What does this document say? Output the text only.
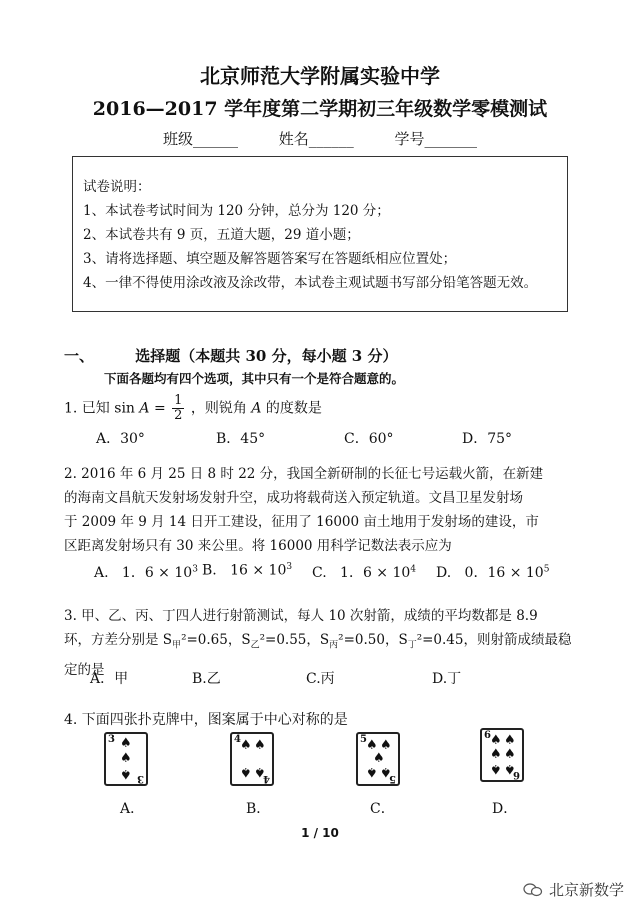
北京师范大学附属实验中学
2016—2017 学年度第二学期初三年级数学零模测试
班级______	姓名______	学号_______
试卷说明：
1、本试卷考试时间为 120 分钟，总分为 120 分；
2、本试卷共有 9 页，五道大题，29 道小题；
3、请将选择题、填空题及解答题答案写在答题纸相应位置处；
4、一律不得使用涂改液及涂改带，本试卷主观试题书写部分铅笔答题无效。
一、	选择题（本题共 30 分，每小题 3 分）
下面各题均有四个选项，其中只有一个是符合题意的。
1. 已知 $\sin A = \frac{1}{2}$ ，则锐角 A 的度数是
A．30°	B．45°	C．60°	D．75°
2. 2016 年 6 月 25 日 8 时 22 分，我国全新研制的长征七号运载火箭，在新建
的海南文昌航天发射场发射升空，成功将载荷送入预定轨道。文昌卫星发射场
于 2009 年 9 月 14 日开工建设，征用了 16000 亩土地用于发射场的建设，市
区距离发射场只有 30 来公里。将 16000 用科学记数法表示应为
A. 1．$6 \times 10^3$ B. $16 \times 10^3$ C. 1．$6 \times 10^4$ D. 0．$16 \times 10^5$
3. 甲、乙、丙、丁四人进行射箭测试，每人 10 次射箭，成绩的平均数都是 8.9
环，方差分别是 $S_甲^2=0.65$，$S_乙^2=0.55$，$S_丙^2=0.50$，$S_丁^2=0.45$，则射箭成绩最稳
定的是
A．甲	B.乙	C.丙	D.丁
4. 下面四张扑克牌中，图案属于中心对称的是
3
3
♠
♠
♠
4
4
♠ ♠
♠ ♠
5
5
♠ ♠
♠
♠ ♠
6
6
♠ ♠
♠ ♠
♠ ♠
A．	B．	C．	D．
1 / 10
北京新数学
